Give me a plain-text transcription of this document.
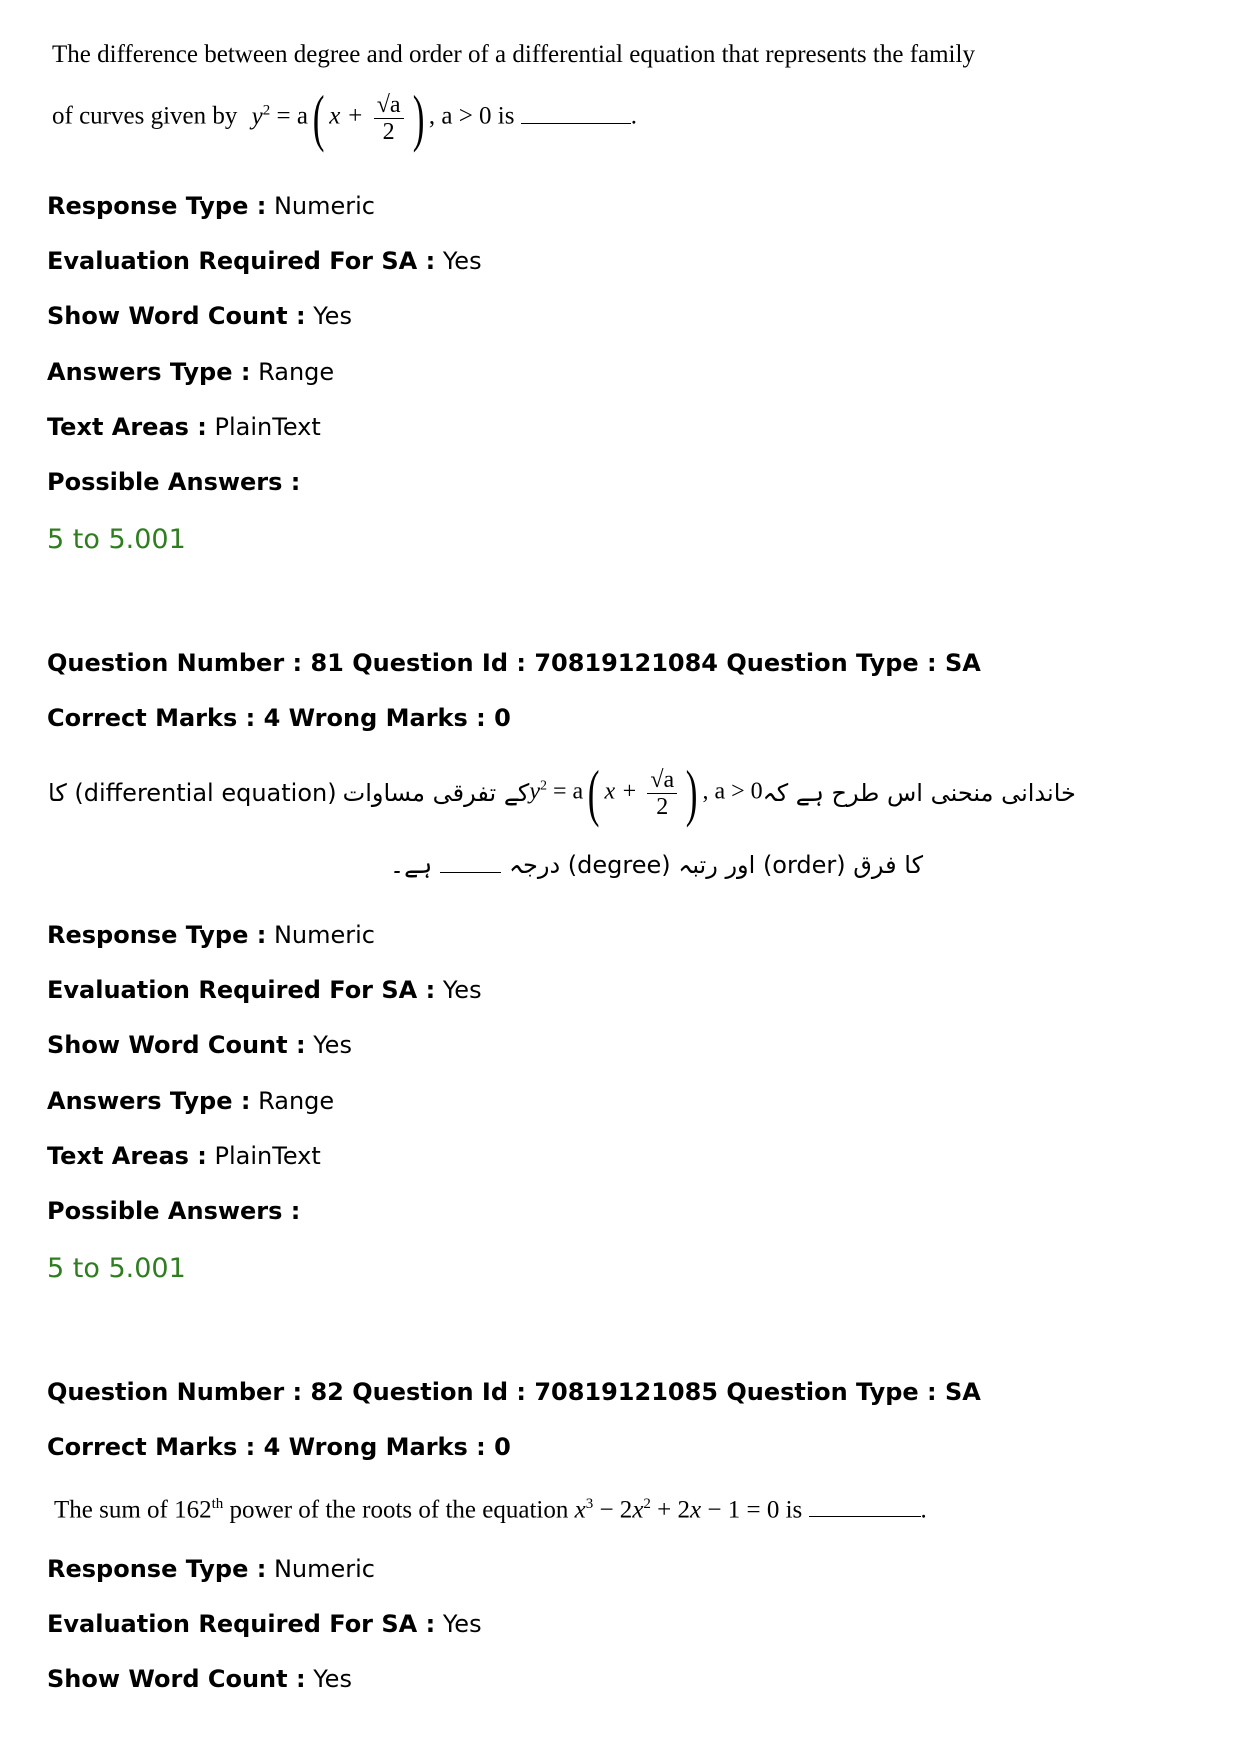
The difference between degree and order of a differential equation that represents the family
of curves given by $y^2 = a$( $x + \frac{√a}{2}$ ) , a > 0 is	.
Response Type : Numeric
Evaluation Required For SA : Yes
Show Word Count : Yes
Answers Type : Range
Text Areas : PlainText
Possible Answers :
5 to 5.001
Question Number : 81 Question Id : 70819121084 Question Type : SA
Correct Marks : 4 Wrong Marks : 0
کا (differential equation) کے تفرقی مساوات $y^2 = a$( $x + \frac{√a}{2}$ ) , a > 0 خاندانی منحنی اس طرح ہے کہ
ہے۔	درجہ (degree) اور رتبہ (order) کا فرق
Response Type : Numeric
Evaluation Required For SA : Yes
Show Word Count : Yes
Answers Type : Range
Text Areas : PlainText
Possible Answers :
5 to 5.001
Question Number : 82 Question Id : 70819121085 Question Type : SA
Correct Marks : 4 Wrong Marks : 0
The sum of 162th power of the roots of the equation $x^3 - 2x^2 + 2x - 1 = 0$ is	.
Response Type : Numeric
Evaluation Required For SA : Yes
Show Word Count : Yes
